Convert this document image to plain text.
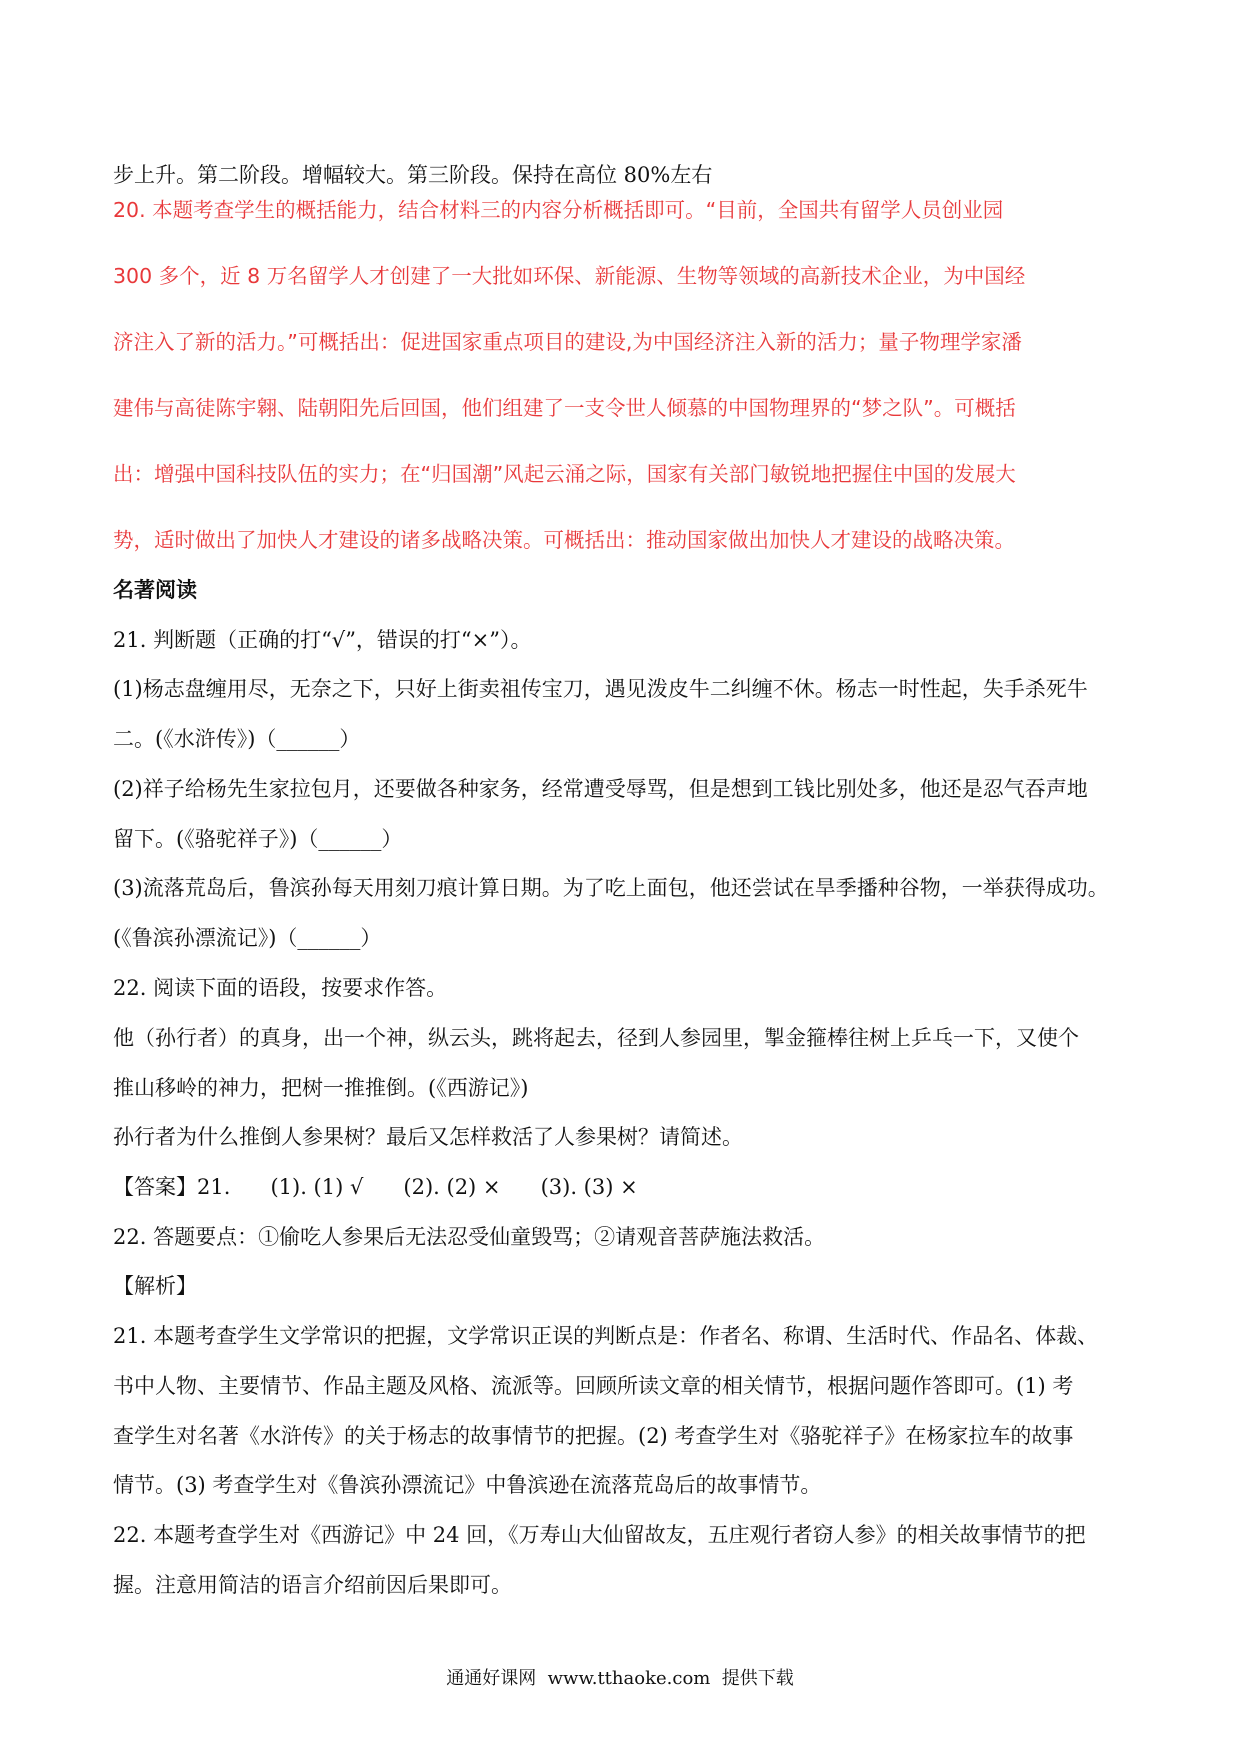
步上升。第二阶段。增幅较大。第三阶段。保持在高位 80%左右
20. 本题考查学生的概括能力，结合材料三的内容分析概括即可。“目前，全国共有留学人员创业园
300 多个，近 8 万名留学人才创建了一大批如环保、新能源、生物等领域的高新技术企业，为中国经
济注入了新的活力。”可概括出：促进国家重点项目的建设,为中国经济注入新的活力；量子物理学家潘
建伟与高徒陈宇翱、陆朝阳先后回国，他们组建了一支令世人倾慕的中国物理界的“梦之队”。可概括
出：增强中国科技队伍的实力；在“归国潮”风起云涌之际，国家有关部门敏锐地把握住中国的发展大
势，适时做出了加快人才建设的诸多战略决策。可概括出：推动国家做出加快人才建设的战略决策。
名著阅读
21. 判断题（正确的打“√”，错误的打“×”）。
(1)杨志盘缠用尽，无奈之下，只好上街卖祖传宝刀，遇见泼皮牛二纠缠不休。杨志一时性起，失手杀死牛
二。(《水浒传》)（______）
(2)祥子给杨先生家拉包月，还要做各种家务，经常遭受辱骂，但是想到工钱比别处多，他还是忍气吞声地
留下。(《骆驼祥子》)（______）
(3)流落荒岛后，鲁滨孙每天用刻刀痕计算日期。为了吃上面包，他还尝试在旱季播种谷物，一举获得成功。
(《鲁滨孙漂流记》)（______）
22. 阅读下面的语段，按要求作答。
他（孙行者）的真身，出一个神，纵云头，跳将起去，径到人参园里，掣金箍棒往树上乒乓一下，又使个
推山移岭的神力，把树一推推倒。(《西游记》)
孙行者为什么推倒人参果树？最后又怎样救活了人参果树？请简述。
【答案】21.      (1). (1) √      (2). (2) ×      (3). (3) ×
22. 答题要点：①偷吃人参果后无法忍受仙童毁骂；②请观音菩萨施法救活。
【解析】
21. 本题考查学生文学常识的把握，文学常识正误的判断点是：作者名、称谓、生活时代、作品名、体裁、
书中人物、主要情节、作品主题及风格、流派等。回顾所读文章的相关情节，根据问题作答即可。(1) 考
查学生对名著《水浒传》的关于杨志的故事情节的把握。(2) 考查学生对《骆驼祥子》在杨家拉车的故事
情节。(3) 考查学生对《鲁滨孙漂流记》中鲁滨逊在流落荒岛后的故事情节。
22. 本题考查学生对《西游记》中 24 回，《万寿山大仙留故友，五庄观行者窃人参》的相关故事情节的把
握。注意用简洁的语言介绍前因后果即可。
通通好课网  www.tthaoke.com  提供下载
